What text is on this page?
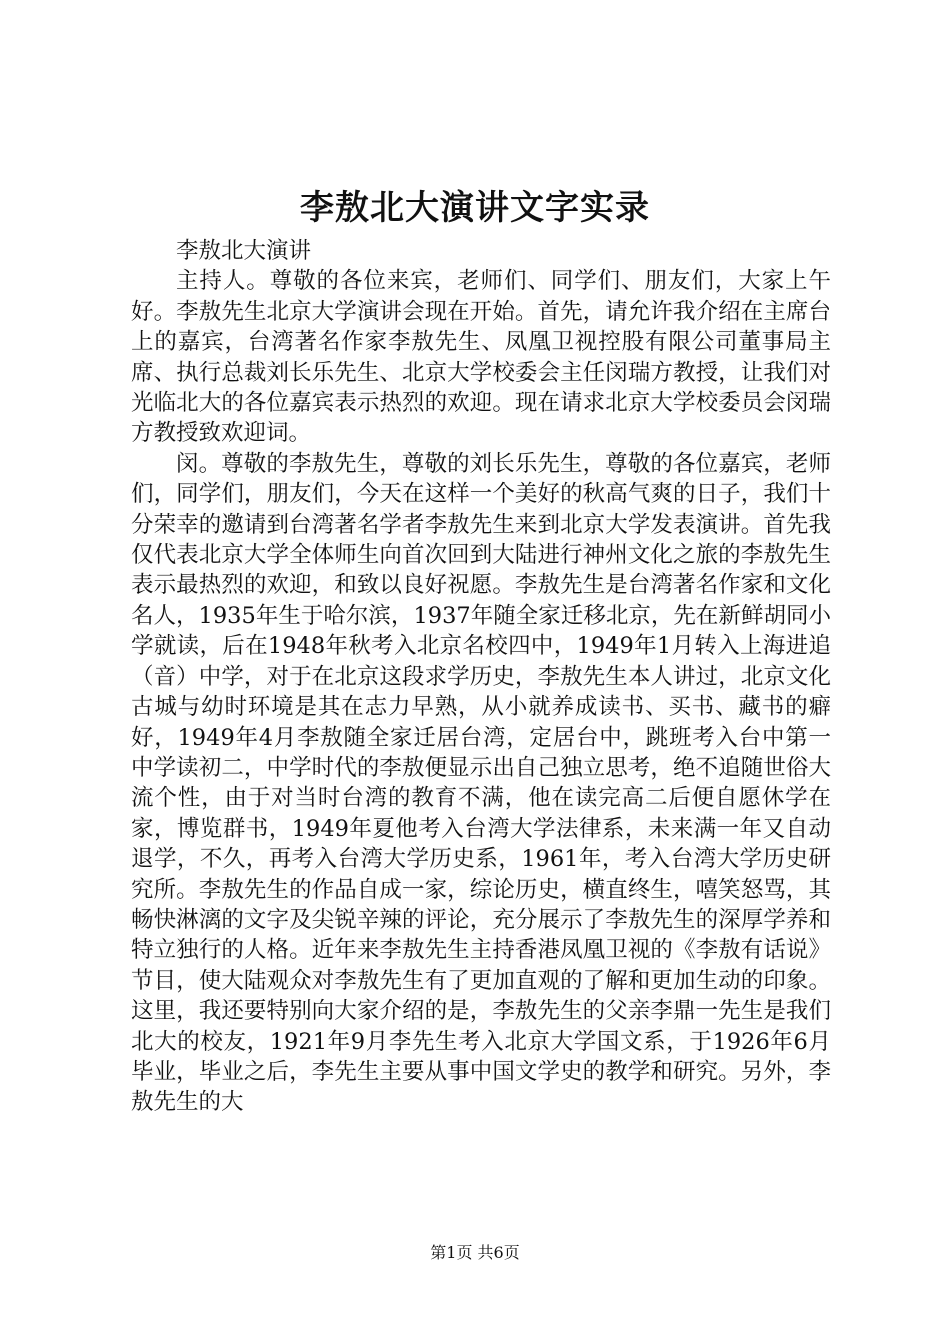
李敖北大演讲文字实录

李敖北大演讲

主持人。尊敬的各位来宾，老师们、同学们、朋友们，大家上午好。李敖先生北京大学演讲会现在开始。首先，请允许我介绍在主席台上的嘉宾，台湾著名作家李敖先生、凤凰卫视控股有限公司董事局主席、执行总裁刘长乐先生、北京大学校委会主任闵瑞方教授，让我们对光临北大的各位嘉宾表示热烈的欢迎。现在请求北京大学校委员会闵瑞方教授致欢迎词。

闵。尊敬的李敖先生，尊敬的刘长乐先生，尊敬的各位嘉宾，老师们，同学们，朋友们，今天在这样一个美好的秋高气爽的日子，我们十分荣幸的邀请到台湾著名学者李敖先生来到北京大学发表演讲。首先我仅代表北京大学全体师生向首次回到大陆进行神州文化之旅的李敖先生表示最热烈的欢迎，和致以良好祝愿。李敖先生是台湾著名作家和文化名人，1935年生于哈尔滨，1937年随全家迁移北京，先在新鲜胡同小学就读，后在1948年秋考入北京名校四中，1949年1月转入上海进追（音）中学，对于在北京这段求学历史，李敖先生本人讲过，北京文化古城与幼时环境是其在志力早熟，从小就养成读书、买书、藏书的癖好，1949年4月李敖随全家迁居台湾，定居台中，跳班考入台中第一中学读初二，中学时代的李敖便显示出自己独立思考，绝不追随世俗大流个性，由于对当时台湾的教育不满，他在读完高二后便自愿休学在家，博览群书，1949年夏他考入台湾大学法律系，未来满一年又自动退学，不久，再考入台湾大学历史系，1961年，考入台湾大学历史研究所。李敖先生的作品自成一家，综论历史，横直终生，嘻笑怒骂，其畅快淋漓的文字及尖锐辛辣的评论，充分展示了李敖先生的深厚学养和特立独行的人格。近年来李敖先生主持香港凤凰卫视的《李敖有话说》节目，使大陆观众对李敖先生有了更加直观的了解和更加生动的印象。这里，我还要特别向大家介绍的是，李敖先生的父亲李鼎一先生是我们北大的校友，1921年9月李先生考入北京大学国文系，于1926年6月毕业，毕业之后，李先生主要从事中国文学史的教学和研究。另外，李敖先生的大

第1页 共6页
